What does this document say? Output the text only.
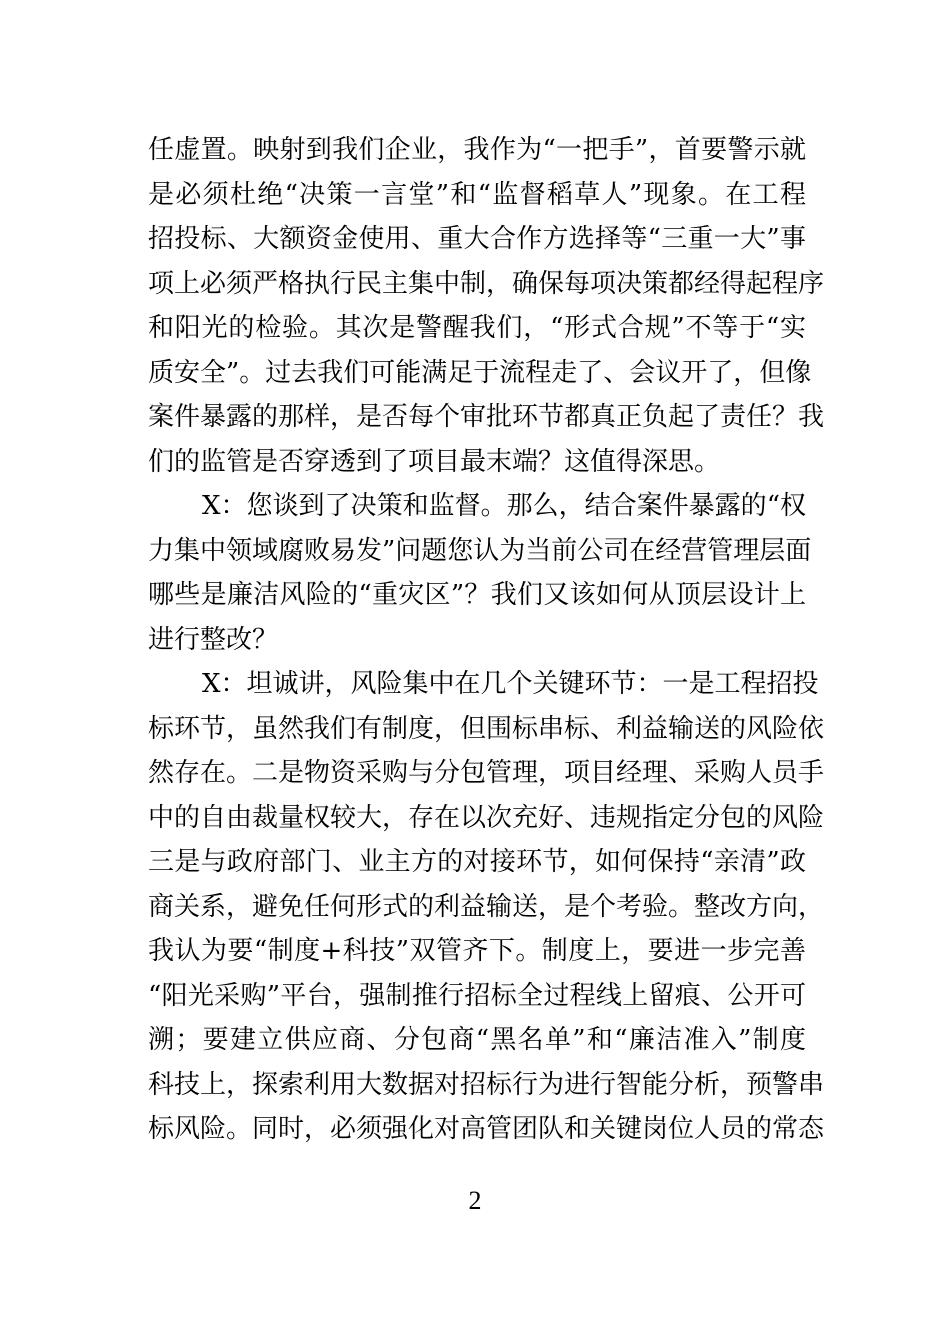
任虚置。映射到我们企业，我作为“一把手”，首要警示就
是必须杜绝“决策一言堂”和“监督稻草人”现象。在工程
招投标、大额资金使用、重大合作方选择等“三重一大”事
项上必须严格执行民主集中制，确保每项决策都经得起程序
和阳光的检验。其次是警醒我们，“形式合规”不等于“实
质安全”。过去我们可能满足于流程走了、会议开了，但像
案件暴露的那样，是否每个审批环节都真正负起了责任？我
们的监管是否穿透到了项目最末端？这值得深思。
X：您谈到了决策和监督。那么，结合案件暴露的“权
力集中领域腐败易发”问题您认为当前公司在经营管理层面
哪些是廉洁风险的“重灾区”？我们又该如何从顶层设计上
进行整改？
X：坦诚讲，风险集中在几个关键环节：一是工程招投
标环节，虽然我们有制度，但围标串标、利益输送的风险依
然存在。二是物资采购与分包管理，项目经理、采购人员手
中的自由裁量权较大，存在以次充好、违规指定分包的风险
三是与政府部门、业主方的对接环节，如何保持“亲清”政
商关系，避免任何形式的利益输送，是个考验。整改方向，
我认为要“制度+科技”双管齐下。制度上，要进一步完善
“阳光采购”平台，强制推行招标全过程线上留痕、公开可
溯；要建立供应商、分包商“黑名单”和“廉洁准入”制度
科技上，探索利用大数据对招标行为进行智能分析，预警串
标风险。同时，必须强化对高管团队和关键岗位人员的常态
2
